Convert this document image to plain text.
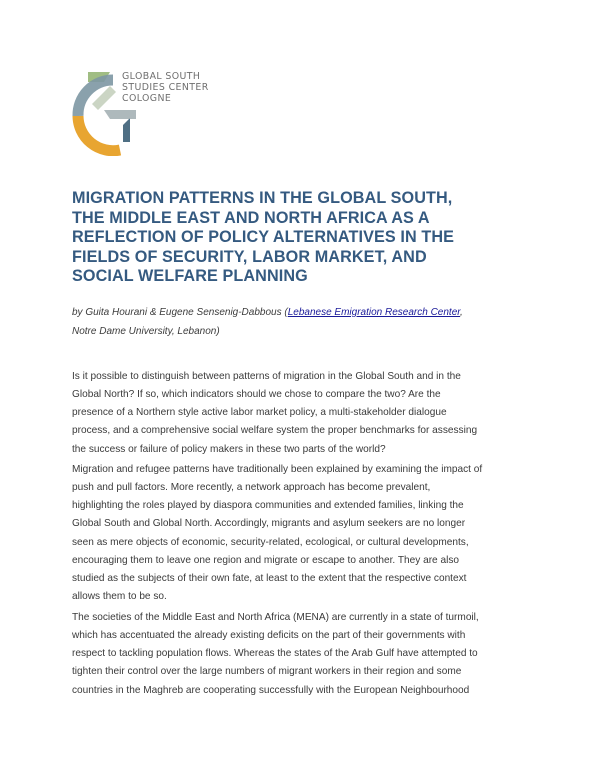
GLOBAL SOUTH
STUDIES CENTER
COLOGNE
MIGRATION PATTERNS IN THE GLOBAL SOUTH,
THE MIDDLE EAST AND NORTH AFRICA AS A
REFLECTION OF POLICY ALTERNATIVES IN THE
FIELDS OF SECURITY, LABOR MARKET, AND
SOCIAL WELFARE PLANNING
by Guita Hourani & Eugene Sensenig-Dabbous (Lebanese Emigration Research Center,
Notre Dame University, Lebanon)
Is it possible to distinguish between patterns of migration in the Global South and in the
Global North? If so, which indicators should we chose to compare the two? Are the
presence of a Northern style active labor market policy, a multi-stakeholder dialogue
process, and a comprehensive social welfare system the proper benchmarks for assessing
the success or failure of policy makers in these two parts of the world?
Migration and refugee patterns have traditionally been explained by examining the impact of
push and pull factors. More recently, a network approach has become prevalent,
highlighting the roles played by diaspora communities and extended families, linking the
Global South and Global North. Accordingly, migrants and asylum seekers are no longer
seen as mere objects of economic, security-related, ecological, or cultural developments,
encouraging them to leave one region and migrate or escape to another. They are also
studied as the subjects of their own fate, at least to the extent that the respective context
allows them to be so.
The societies of the Middle East and North Africa (MENA) are currently in a state of turmoil,
which has accentuated the already existing deficits on the part of their governments with
respect to tackling population flows. Whereas the states of the Arab Gulf have attempted to
tighten their control over the large numbers of migrant workers in their region and some
countries in the Maghreb are cooperating successfully with the European Neighbourhood
